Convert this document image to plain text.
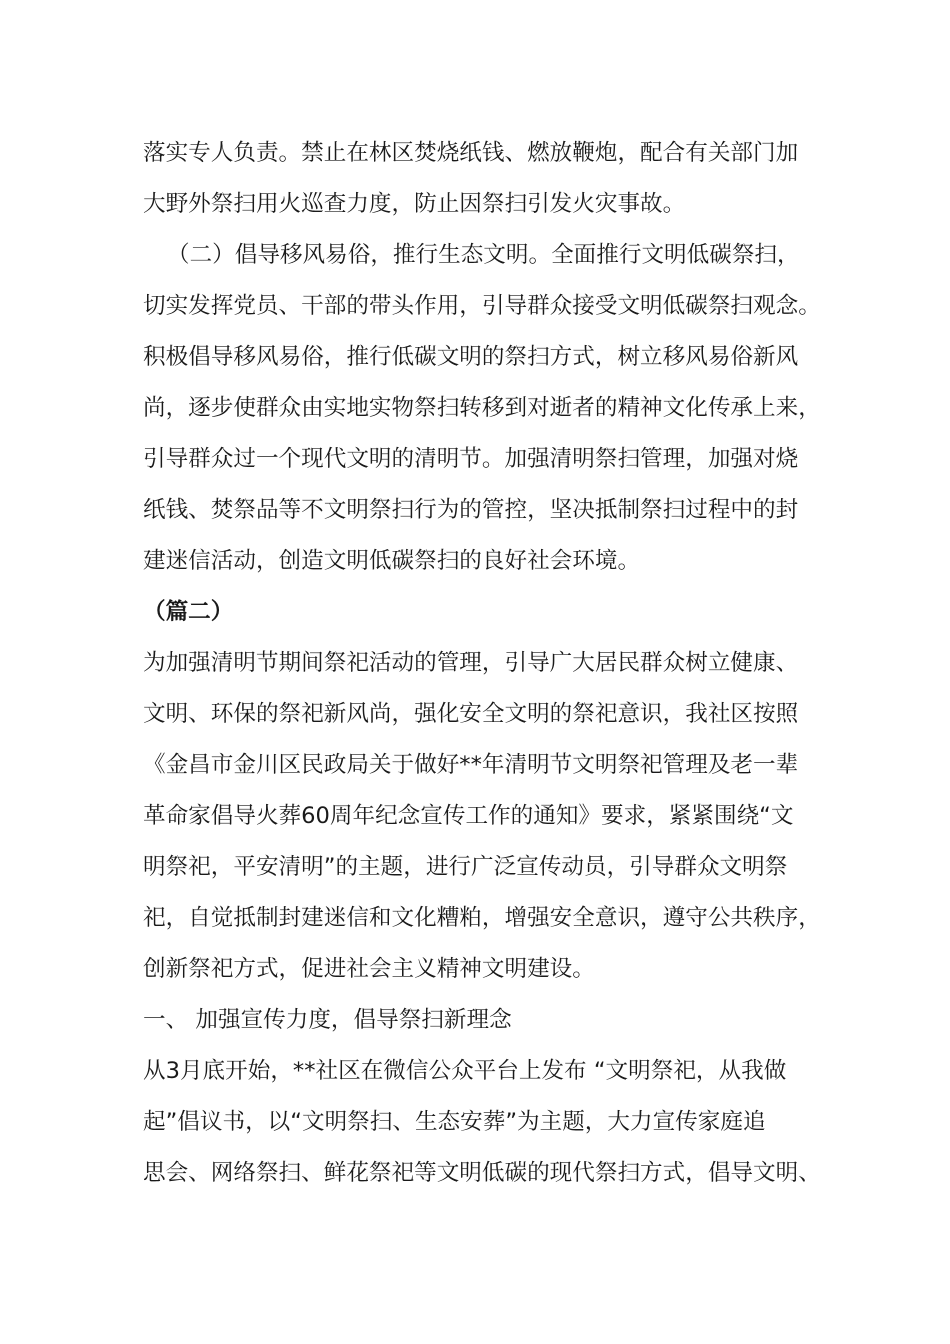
落实专人负责。禁止在林区焚烧纸钱、燃放鞭炮，配合有关部门加
大野外祭扫用火巡查力度，防止因祭扫引发火灾事故。
（二）倡导移风易俗，推行生态文明。全面推行文明低碳祭扫，
切实发挥党员、干部的带头作用，引导群众接受文明低碳祭扫观念。
积极倡导移风易俗，推行低碳文明的祭扫方式，树立移风易俗新风
尚，逐步使群众由实地实物祭扫转移到对逝者的精神文化传承上来，
引导群众过一个现代文明的清明节。加强清明祭扫管理，加强对烧
纸钱、焚祭品等不文明祭扫行为的管控，坚决抵制祭扫过程中的封
建迷信活动，创造文明低碳祭扫的良好社会环境。
（篇二）
为加强清明节期间祭祀活动的管理，引导广大居民群众树立健康、
文明、环保的祭祀新风尚，强化安全文明的祭祀意识，我社区按照
《金昌市金川区民政局关于做好**年清明节文明祭祀管理及老一辈
革命家倡导火葬60周年纪念宣传工作的通知》要求，紧紧围绕“文
明祭祀，平安清明”的主题，进行广泛宣传动员，引导群众文明祭
祀，自觉抵制封建迷信和文化糟粕，增强安全意识，遵守公共秩序，
创新祭祀方式，促进社会主义精神文明建设。
一、 加强宣传力度，倡导祭扫新理念
从3月底开始，**社区在微信公众平台上发布 “文明祭祀，从我做
起”倡议书，以“文明祭扫、生态安葬”为主题，大力宣传家庭追
思会、网络祭扫、鲜花祭祀等文明低碳的现代祭扫方式，倡导文明、
